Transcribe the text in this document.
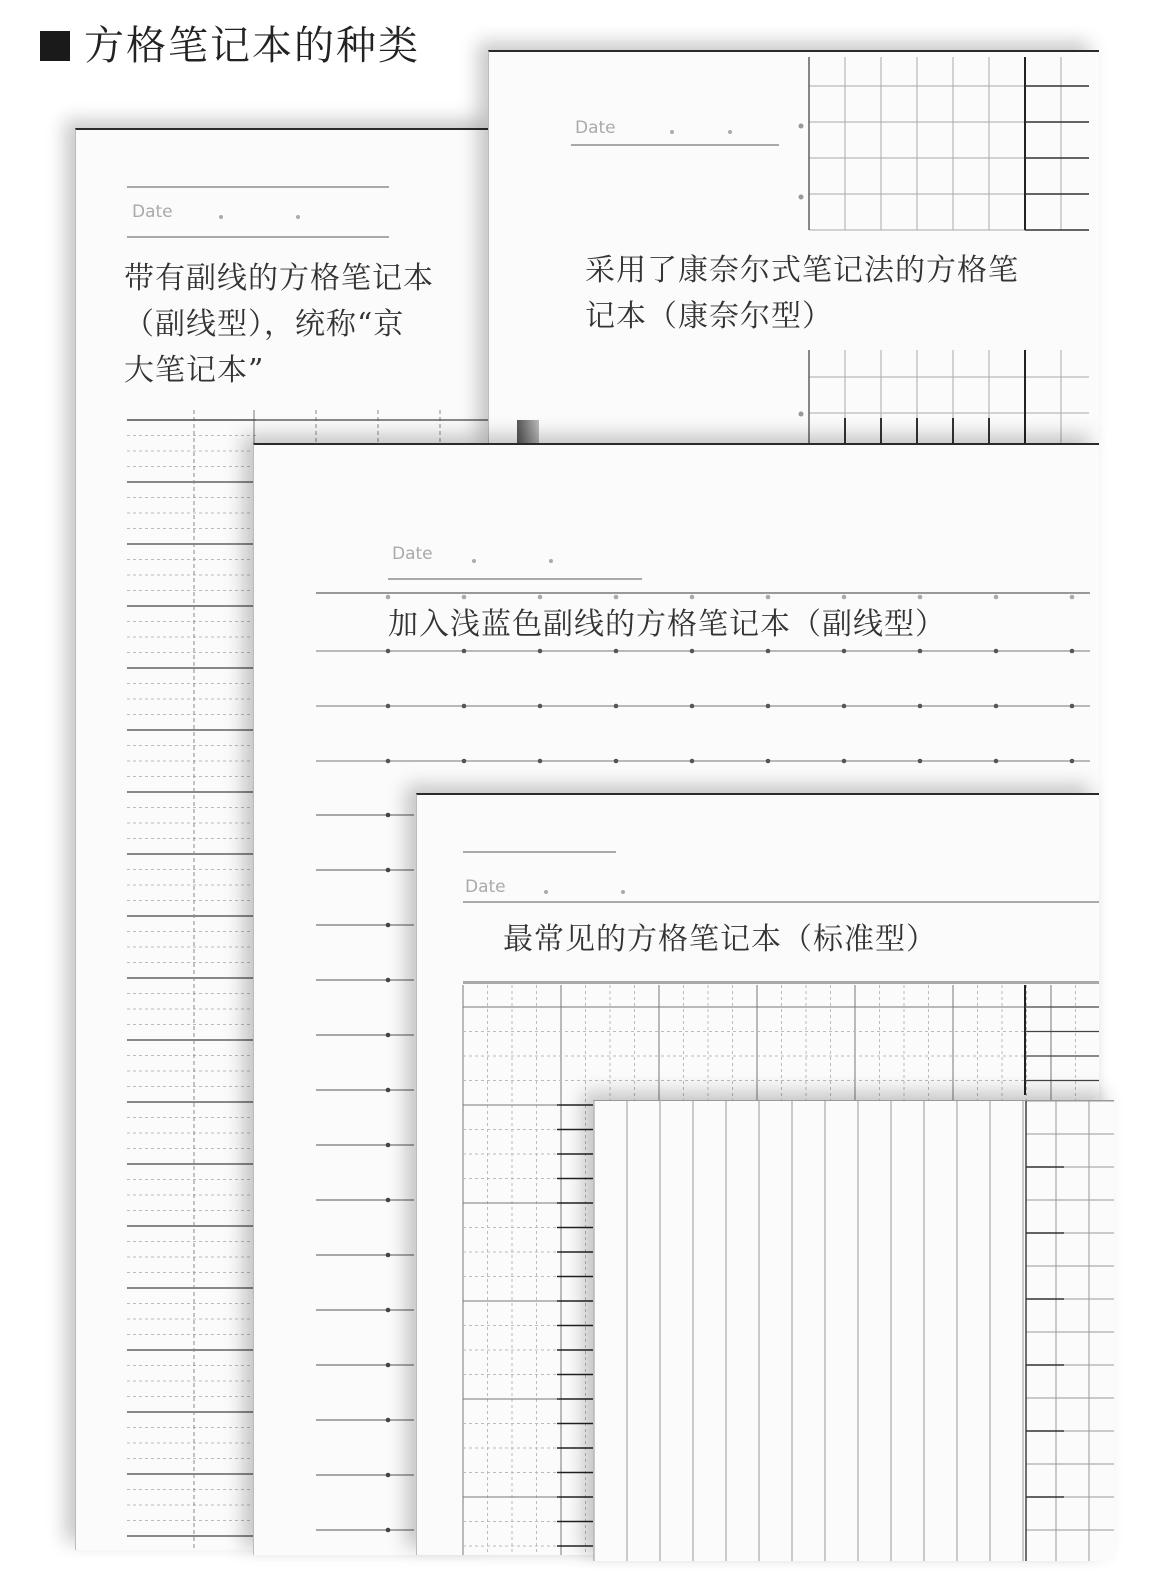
方格笔记本的种类
Date
带有副线的方格笔记本
（副线型），统称“京
大笔记本”
Date
采用了康奈尔式笔记法的方格笔
记本（康奈尔型）
Date
加入浅蓝色副线的方格笔记本（副线型）
Date
最常见的方格笔记本（标准型）
